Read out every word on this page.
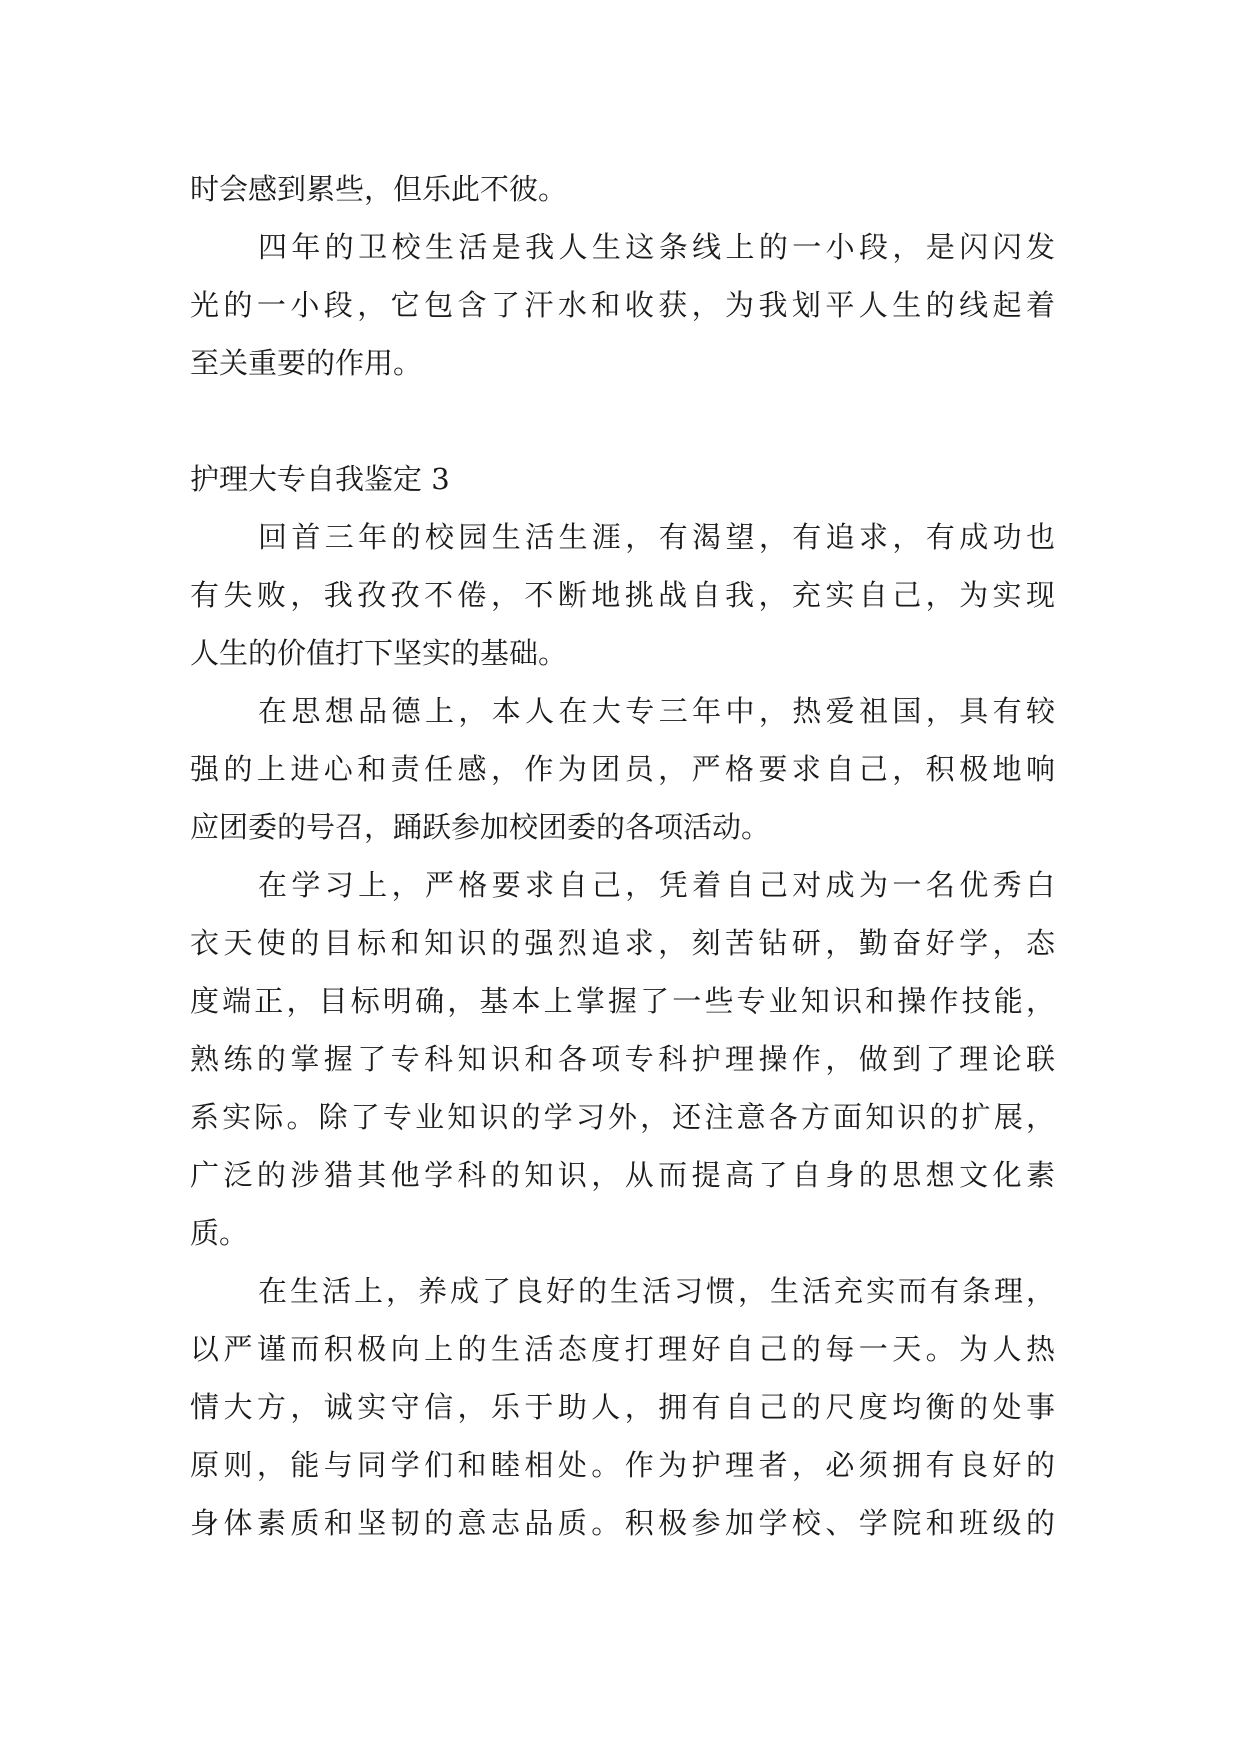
时会感到累些，但乐此不彼。
四年的卫校生活是我人生这条线上的一小段，是闪闪发
光的一小段，它包含了汗水和收获，为我划平人生的线起着
至关重要的作用。
护理大专自我鉴定 3
回首三年的校园生活生涯，有渴望，有追求，有成功也
有失败，我孜孜不倦，不断地挑战自我，充实自己，为实现
人生的价值打下坚实的基础。
在思想品德上，本人在大专三年中，热爱祖国，具有较
强的上进心和责任感，作为团员，严格要求自己，积极地响
应团委的号召，踊跃参加校团委的各项活动。
在学习上，严格要求自己，凭着自己对成为一名优秀白
衣天使的目标和知识的强烈追求，刻苦钻研，勤奋好学，态
度端正，目标明确，基本上掌握了一些专业知识和操作技能，
熟练的掌握了专科知识和各项专科护理操作，做到了理论联
系实际。除了专业知识的学习外，还注意各方面知识的扩展，
广泛的涉猎其他学科的知识，从而提高了自身的思想文化素
质。
在生活上，养成了良好的生活习惯，生活充实而有条理，
以严谨而积极向上的生活态度打理好自己的每一天。为人热
情大方，诚实守信，乐于助人，拥有自己的尺度均衡的处事
原则，能与同学们和睦相处。作为护理者，必须拥有良好的
身体素质和坚韧的意志品质。积极参加学校、学院和班级的
